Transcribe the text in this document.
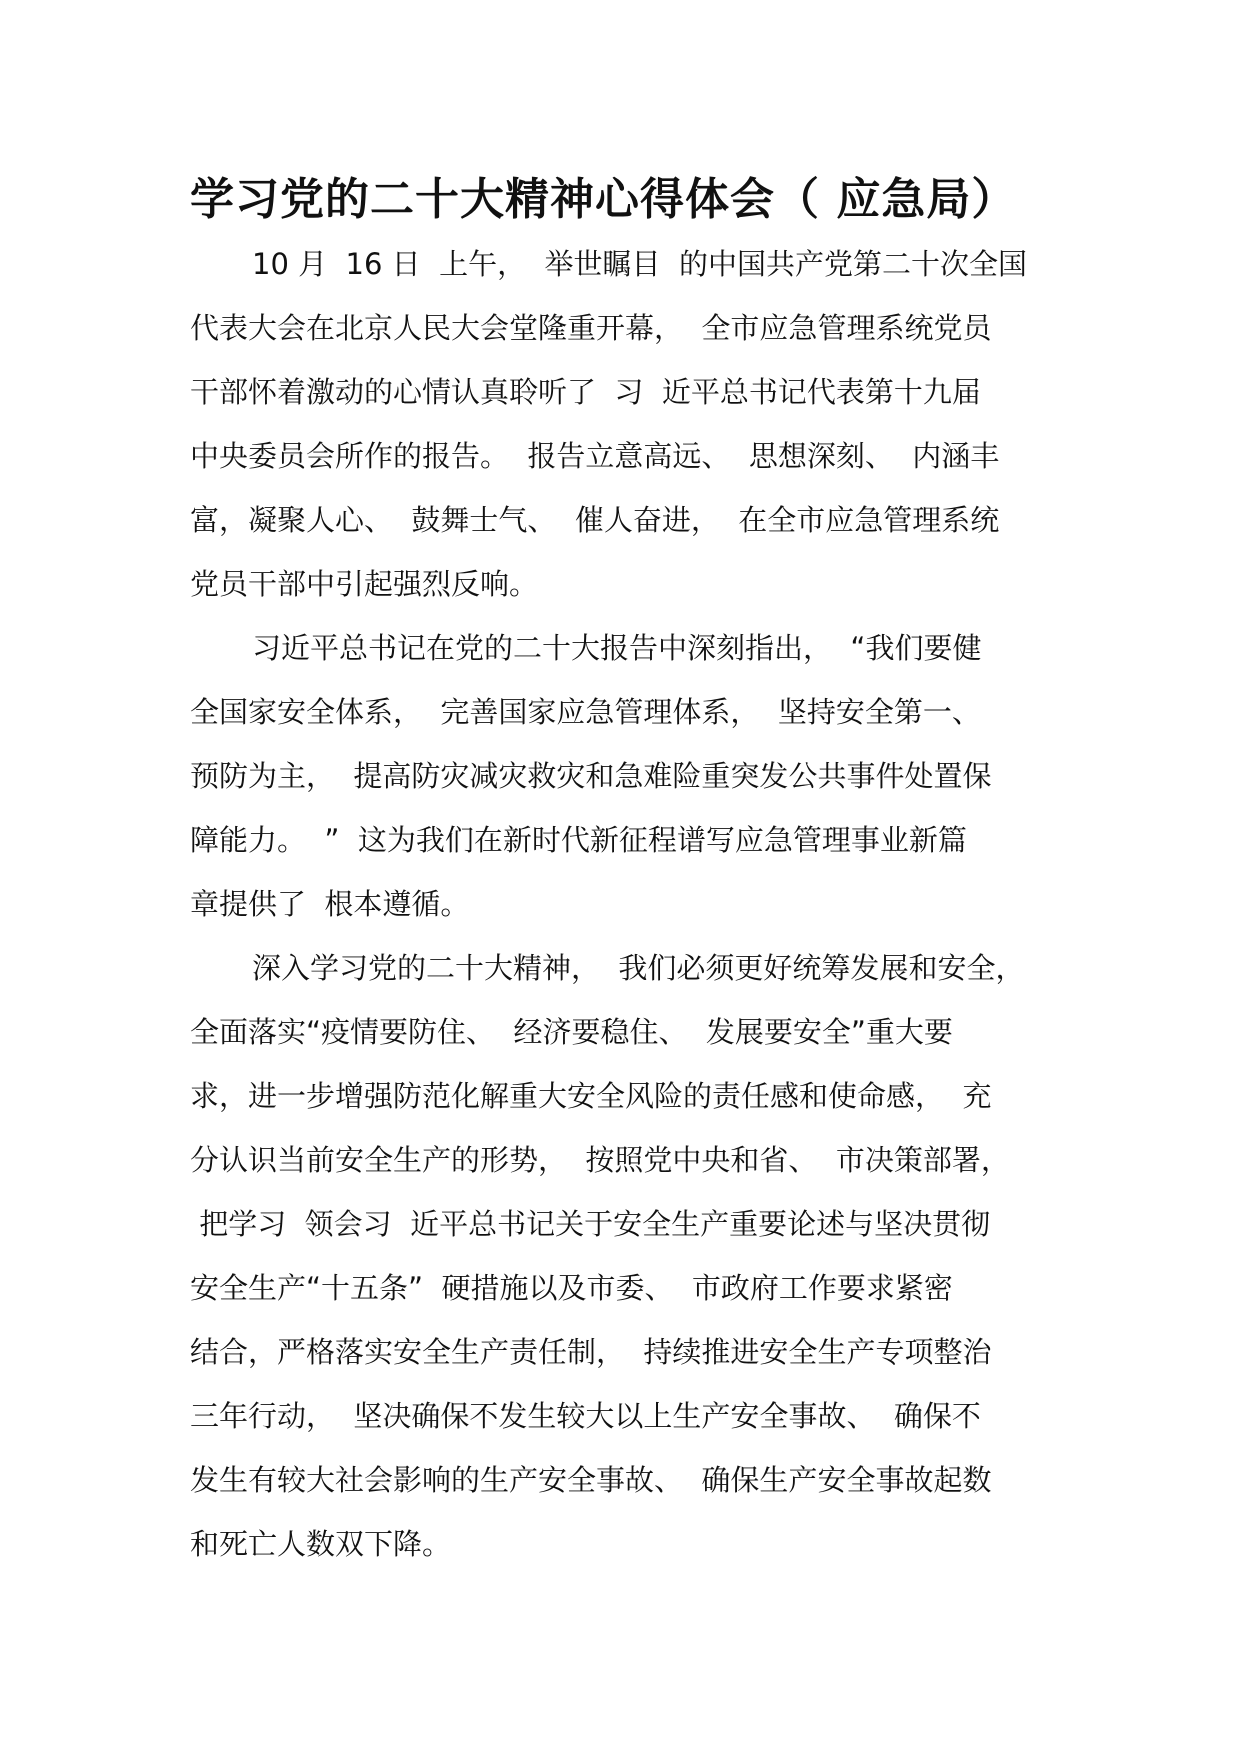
学习党的二十大精神心得体会（ 应急局）
10 月  16 日  上午，  举世瞩目  的中国共产党第二十次全国
代表大会在北京人民大会堂隆重开幕，  全市应急管理系统党员
干部怀着激动的心情认真聆听了  习  近平总书记代表第十九届
中央委员会所作的报告。  报告立意高远、  思想深刻、  内涵丰
富，凝聚人心、  鼓舞士气、  催人奋进，  在全市应急管理系统
党员干部中引起强烈反响。
习近平总书记在党的二十大报告中深刻指出，  “我们要健
全国家安全体系，  完善国家应急管理体系，  坚持安全第一、
预防为主，  提高防灾减灾救灾和急难险重突发公共事件处置保
障能力。  ”  这为我们在新时代新征程谱写应急管理事业新篇
章提供了  根本遵循。
深入学习党的二十大精神，  我们必须更好统筹发展和安全，
全面落实“疫情要防住、  经济要稳住、  发展要安全”重大要
求，进一步增强防范化解重大安全风险的责任感和使命感，  充
分认识当前安全生产的形势，  按照党中央和省、  市决策部署，
把学习  领会习  近平总书记关于安全生产重要论述与坚决贯彻
安全生产“十五条”  硬措施以及市委、  市政府工作要求紧密
结合，严格落实安全生产责任制，  持续推进安全生产专项整治
三年行动，  坚决确保不发生较大以上生产安全事故、  确保不
发生有较大社会影响的生产安全事故、  确保生产安全事故起数
和死亡人数双下降。
